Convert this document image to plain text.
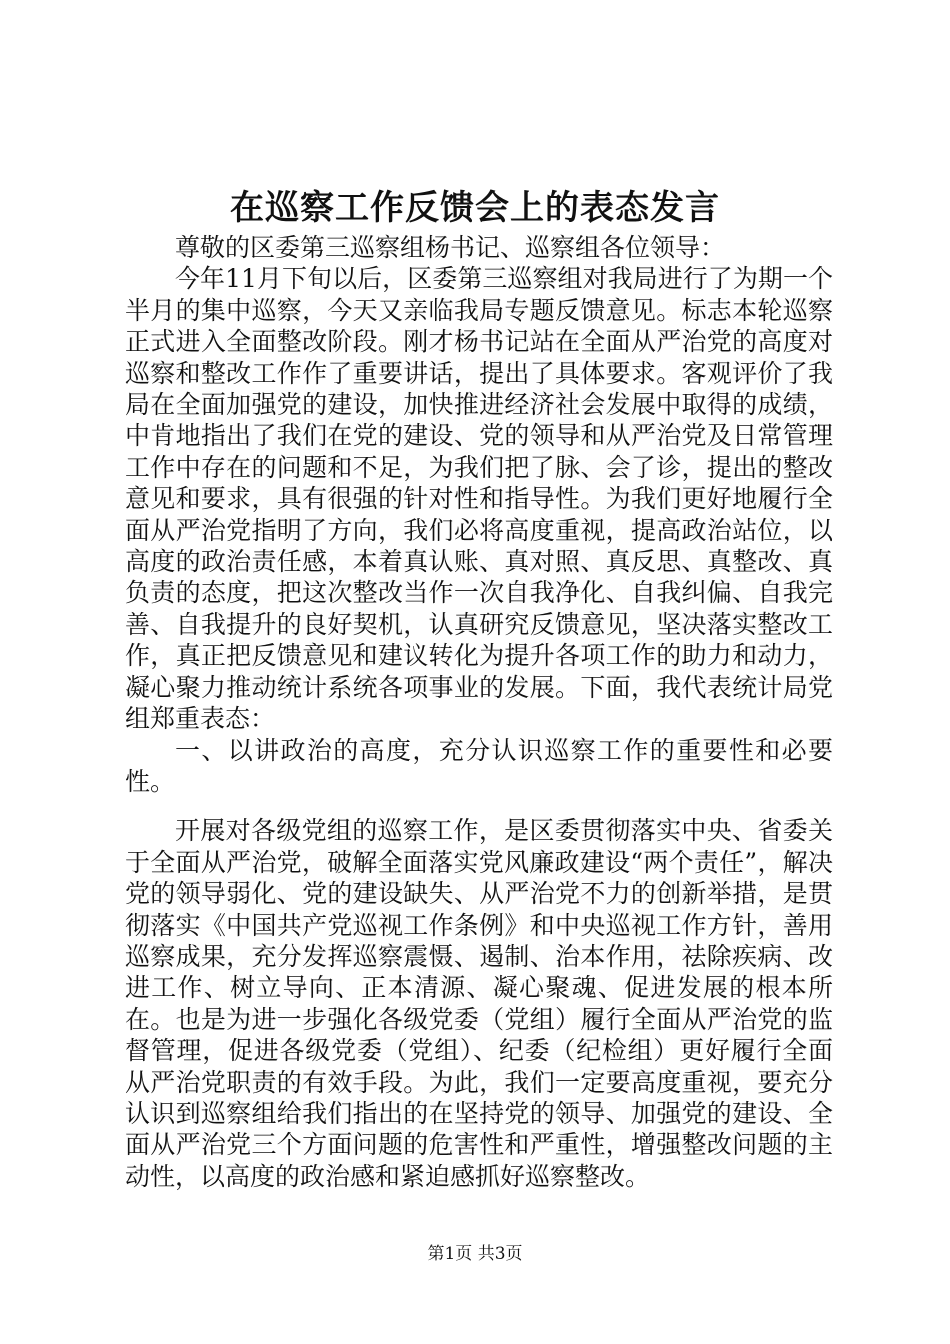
在巡察工作反馈会上的表态发言

尊敬的区委第三巡察组杨书记、巡察组各位领导：

今年11月下旬以后，区委第三巡察组对我局进行了为期一个半月的集中巡察，今天又亲临我局专题反馈意见。标志本轮巡察正式进入全面整改阶段。刚才杨书记站在全面从严治党的高度对巡察和整改工作作了重要讲话，提出了具体要求。客观评价了我局在全面加强党的建设，加快推进经济社会发展中取得的成绩，中肯地指出了我们在党的建设、党的领导和从严治党及日常管理工作中存在的问题和不足，为我们把了脉、会了诊，提出的整改意见和要求，具有很强的针对性和指导性。为我们更好地履行全面从严治党指明了方向，我们必将高度重视，提高政治站位，以高度的政治责任感，本着真认账、真对照、真反思、真整改、真负责的态度，把这次整改当作一次自我净化、自我纠偏、自我完善、自我提升的良好契机，认真研究反馈意见，坚决落实整改工作，真正把反馈意见和建议转化为提升各项工作的助力和动力，凝心聚力推动统计系统各项事业的发展。下面，我代表统计局党组郑重表态：

一、以讲政治的高度，充分认识巡察工作的重要性和必要性。

开展对各级党组的巡察工作，是区委贯彻落实中央、省委关于全面从严治党，破解全面落实党风廉政建设“两个责任”，解决党的领导弱化、党的建设缺失、从严治党不力的创新举措，是贯彻落实《中国共产党巡视工作条例》和中央巡视工作方针，善用巡察成果，充分发挥巡察震慑、遏制、治本作用，祛除疾病、改进工作、树立导向、正本清源、凝心聚魂、促进发展的根本所在。也是为进一步强化各级党委（党组）履行全面从严治党的监督管理，促进各级党委（党组）、纪委（纪检组）更好履行全面从严治党职责的有效手段。为此，我们一定要高度重视，要充分认识到巡察组给我们指出的在坚持党的领导、加强党的建设、全面从严治党三个方面问题的危害性和严重性，增强整改问题的主动性，以高度的政治感和紧迫感抓好巡察整改。

第1页 共3页
